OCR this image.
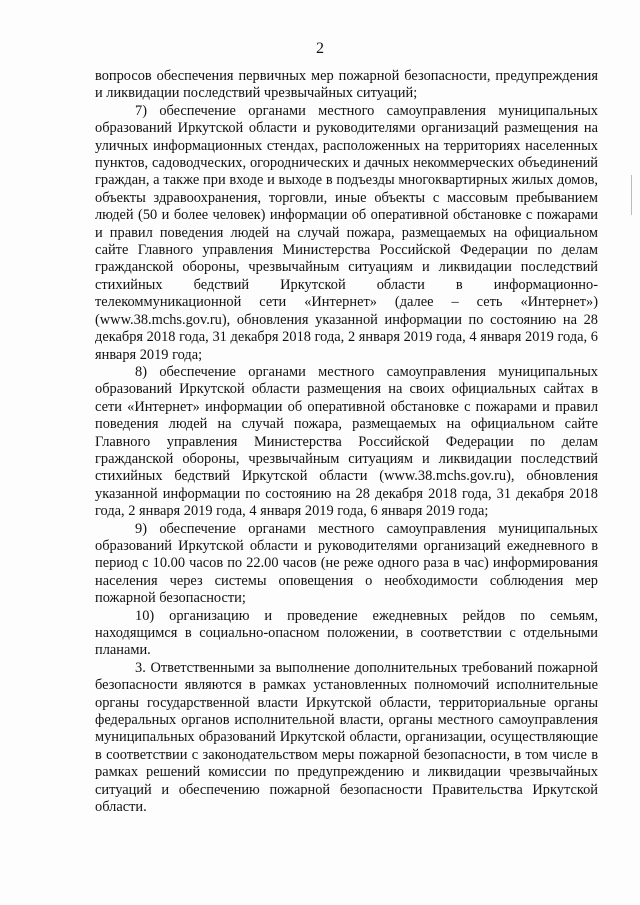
2

вопросов обеспечения первичных мер пожарной безопасности, предупреждения и ликвидации последствий чрезвычайных ситуаций;

7) обеспечение органами местного самоуправления муниципальных образований Иркутской области и руководителями организаций размещения на уличных информационных стендах, расположенных на территориях населенных пунктов, садоводческих, огороднических и дачных некоммерческих объединений граждан, а также при входе и выходе в подъезды многоквартирных жилых домов, объекты здравоохранения, торговли, иные объекты с массовым пребыванием людей (50 и более человек) информации об оперативной обстановке с пожарами и правил поведения людей на случай пожара, размещаемых на официальном сайте Главного управления Министерства Российской Федерации по делам гражданской обороны, чрезвычайным ситуациям и ликвидации последствий стихийных бедствий Иркутской области в информационно-телекоммуникационной сети «Интернет» (далее – сеть «Интернет») (www.38.mchs.gov.ru), обновления указанной информации по состоянию на 28 декабря 2018 года, 31 декабря 2018 года, 2 января 2019 года, 4 января 2019 года, 6 января 2019 года;

8) обеспечение органами местного самоуправления муниципальных образований Иркутской области размещения на своих официальных сайтах в сети «Интернет» информации об оперативной обстановке с пожарами и правил поведения людей на случай пожара, размещаемых на официальном сайте Главного управления Министерства Российской Федерации по делам гражданской обороны, чрезвычайным ситуациям и ликвидации последствий стихийных бедствий Иркутской области (www.38.mchs.gov.ru), обновления указанной информации по состоянию на 28 декабря 2018 года, 31 декабря 2018 года, 2 января 2019 года, 4 января 2019 года, 6 января 2019 года;

9) обеспечение органами местного самоуправления муниципальных образований Иркутской области и руководителями организаций ежедневного в период с 10.00 часов по 22.00 часов (не реже одного раза в час) информирования населения через системы оповещения о необходимости соблюдения мер пожарной безопасности;

10) организацию и проведение ежедневных рейдов по семьям, находящимся в социально-опасном положении, в соответствии с отдельными планами.

3. Ответственными за выполнение дополнительных требований пожарной безопасности являются в рамках установленных полномочий исполнительные органы государственной власти Иркутской области, территориальные органы федеральных органов исполнительной власти, органы местного самоуправления муниципальных образований Иркутской области, организации, осуществляющие в соответствии с законодательством меры пожарной безопасности, в том числе в рамках решений комиссии по предупреждению и ликвидации чрезвычайных ситуаций и обеспечению пожарной безопасности Правительства Иркутской области.
